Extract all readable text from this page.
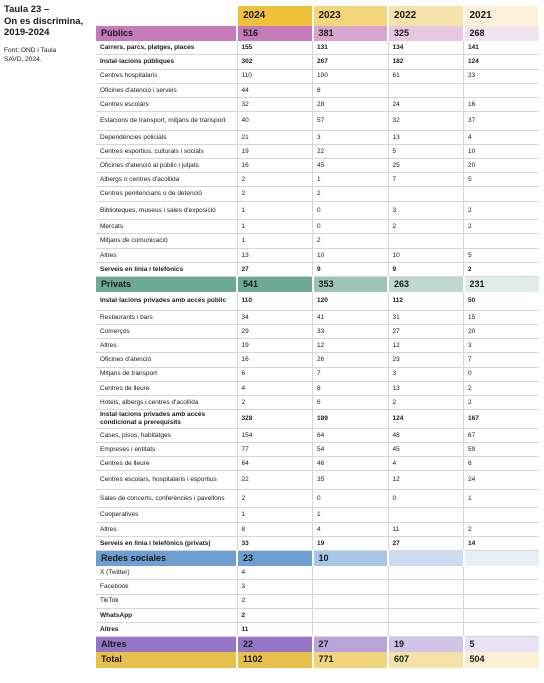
Taula 23 –
On es discrimina,
2019-2024
Font: OND i Taula
SAVD, 2024.
	2024	2023	2022	2021
Públics	516	381	325	268
Carrers, parcs, platges, places	155	131	134	141
Instal·lacions públiques	302	267	182	124
Centres hospitalaris	110	100	61	23
Oficines d'atenció i serveis	44	8		
Centres escolars	32	28	24	16
Estacions de transport, mitjans de transport	40	57	32	37
Dependències policials	21	3	13	4
Centres esportius, culturals i socials	19	22	5	10
Oficines d'atenció al públic i jutjats	16	45	25	20
Albergs o centres d'acollida	2	1	7	5
Centres penitenciaris o de detenció	2	2		
Biblioteques, museus i sales d'exposició	1	0	3	2
Mercats	1	0	2	2
Mitjans de comunicació	1	2		
Altres	13	10	10	5
Serveis en línia i telefònics	27	9	9	2
Privats	541	353	263	231
Instal·lacions privades amb accés públic	110	120	112	50
Restaurants i bars	34	41	31	15
Comerços	29	33	27	20
Altres	19	12	12	3
Oficines d'atenció	16	26	23	7
Mitjans de transport	6	7	3	0
Centres de lleure	4	8	13	2
Hotels, albergs i centres d'acollida	2	6	2	2
Instal·lacions privades amb accés condicionat a prerequisits	328	189	124	167
Cases, pisos, habitatges	154	64	48	67
Empreses i entitats	77	54	45	59
Centres de lleure	64	46	4	6
Centres escolars, hospitalaris i esportius	22	35	12	24
Sales de concerts, conferències i pavellons	2	0	0	1
Cooperatives	1	1		
Altres	8	4	11	2
Serveis en línia i telefònics (privats)	33	19	27	14
Redes sociales	23	10		
X (Twitter)	4			
Facebook	3			
TikTok	2			
WhatsApp	2			
Altres	11			
Altres	22	27	19	5
Total	1102	771	607	504
